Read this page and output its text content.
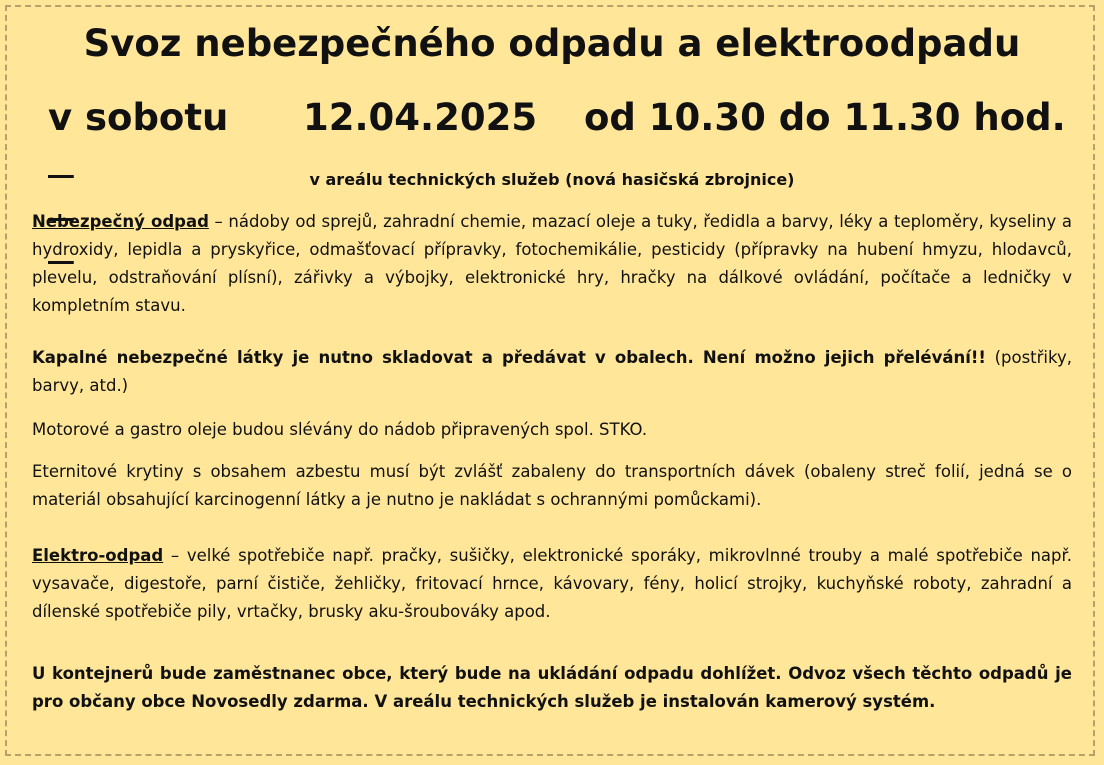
Svoz nebezpečného odpadu a elektroodpadu

v sobotu

12.04.2025

od 10.30 do 11.30 hod.

v areálu technických služeb (nová hasičská zbrojnice)
Nebezpečný odpad – nádoby od sprejů, zahradní chemie, mazací oleje a tuky, ředidla a barvy, léky a teploměry, kyseliny a hydroxidy, lepidla a pryskyřice, odmašťovací přípravky, fotochemikálie, pesticidy (přípravky na hubení hmyzu, hlodavců, plevelu, odstraňování plísní), zářivky a výbojky, elektronické hry, hračky na dálkové ovládání, počítače a ledničky v kompletním stavu.
Kapalné nebezpečné látky je nutno skladovat a předávat v obalech. Není možno jejich přelévání!! (postřiky, barvy, atd.)
Motorové a gastro oleje budou slévány do nádob připravených spol. STKO.
Eternitové krytiny s obsahem azbestu musí být zvlášť zabaleny do transportních dávek (obaleny streč folií, jedná se o materiál obsahující karcinogenní látky a je nutno je nakládat s ochrannými pomůckami).
Elektro-odpad – velké spotřebiče např. pračky, sušičky, elektronické sporáky, mikrovlnné trouby a malé spotřebiče např. vysavače, digestoře, parní čističe, žehličky, fritovací hrnce, kávovary, fény, holicí strojky, kuchyňské roboty, zahradní a dílenské spotřebiče pily, vrtačky, brusky aku-šroubováky apod.
U kontejnerů bude zaměstnanec obce, který bude na ukládání odpadu dohlížet. Odvoz všech těchto odpadů je pro občany obce Novosedly zdarma. V areálu technických služeb je instalován kamerový systém.
